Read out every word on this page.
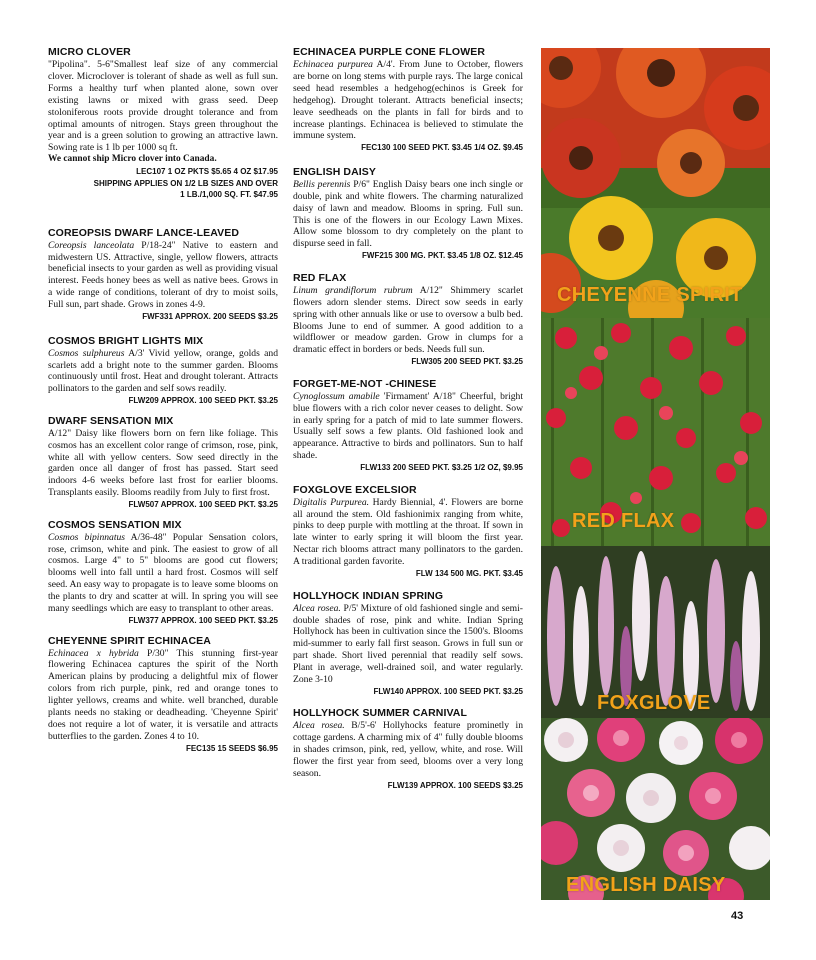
MICRO CLOVER

"Pipolina". 5-6"Smallest leaf size of any commercial clover. Microclover is tolerant of shade as well as full sun. Forms a healthy turf when planted alone, sown over existing lawns or mixed with grass seed. Deep stoloniferous roots provide drought tolerance and from optimal amounts of nitrogen. Stays green throughout the year and is a green solution to growing an attractive lawn. Sowing rate is 1 lb per 1000 sq ft.

We cannot ship Micro clover into Canada.

LEC107 1 OZ PKTS $5.65 4 OZ $17.95
SHIPPING APPLIES ON 1/2 LB SIZES AND OVER
1 LB./1,000 SQ. FT. $47.95
COREOPSIS DWARF LANCE-LEAVED

Coreopsis lanceolata P/18-24" Native to eastern and midwestern US. Attractive, single, yellow flowers, attracts beneficial insects to your garden as well as providing visual interest. Feeds honey bees as well as native bees. Grows in a wide range of conditions, tolerant of dry to moist soils, Full sun, part shade. Grows in zones 4-9.

FWF331 APPROX. 200 SEEDS $3.25
COSMOS BRIGHT LIGHTS MIX

Cosmos sulphureus A/3' Vivid yellow, orange, golds and scarlets add a bright note to the summer garden. Blooms continuously until frost. Heat and drought tolerant. Attracts pollinators to the garden and self sows readily.

FLW209 APPROX. 100 SEED PKT. $3.25
DWARF SENSATION MIX

A/12" Daisy like flowers born on fern like foliage. This cosmos has an excellent color range of crimson, rose, pink, white all with yellow centers. Sow seed directly in the garden once all danger of frost has passed. Start seed indoors 4-6 weeks before last frost for earlier blooms. Transplants easily. Blooms readily from July to first frost.

FLW507 APPROX. 100 SEED PKT. $3.25
COSMOS SENSATION MIX

Cosmos bipinnatus A/36-48" Popular Sensation colors, rose, crimson, white and pink. The easiest to grow of all cosmos. Large 4" to 5" blooms are good cut flowers; blooms well into fall until a hard frost. Cosmos will self seed. An easy way to propagate is to leave some blooms on the plants to dry and scatter at will. In spring you will see many seedlings which are easy to transplant to other areas.

FLW377 APPROX. 100 SEED PKT. $3.25
CHEYENNE SPIRIT ECHINACEA

Echinacea x hybrida P/30" This stunning first-year flowering Echinacea captures the spirit of the North American plains by producing a delightful mix of flower colors from rich purple, pink, red and orange tones to lighter yellows, creams and white. well branched, durable plants needs no staking or deadheading. 'Cheyenne Spirit' does not require a lot of water, it is versatile and attracts butterflies to the garden. Zones 4 to 10.

FEC135 15 SEEDS $6.95
ECHINACEA PURPLE CONE FLOWER

Echinacea purpurea A/4'. From June to October, flowers are borne on long stems with purple rays. The large conical seed head resembles a hedgehog(echinos is Greek for hedgehog). Drought tolerant. Attracts beneficial insects; leave seedheads on the plants in fall for birds and to increase plantings. Echinacea is believed to stimulate the immune system.

FEC130 100 SEED PKT. $3.45 1/4 OZ. $9.45
ENGLISH DAISY

Bellis perennis P/6" English Daisy bears one inch single or double, pink and white flowers. The charming naturalized daisy of lawn and meadow. Blooms in spring. Full sun. This is one of the flowers in our Ecology Lawn Mixes. Allow some blossom to dry completely on the plant to dispurse seed in fall.

FWF215 300 MG. PKT. $3.45 1/8 OZ. $12.45
RED FLAX

Linum grandiflorum rubrum A/12" Shimmery scarlet flowers adorn slender stems. Direct sow seeds in early spring with other annuals like or use to oversow a bulb bed. Blooms June to end of summer. A good addition to a wildflower or meadow garden. Grow in clumps for a dramatic effect in borders or beds. Needs full sun.

FLW305 200 SEED PKT. $3.25
FORGET-ME-NOT -CHINESE

Cynoglossum amabile 'Firmament' A/18" Cheerful, bright blue flowers with a rich color never ceases to delight. Sow in early spring for a patch of mid to late summer flowers. Usually self sows a few plants. Old fashioned look and appearance. Attractive to birds and pollinators. Sun to half shade.

FLW133 200 SEED PKT. $3.25 1/2 OZ, $9.95
FOXGLOVE EXCELSIOR

Digitalis Purpurea. Hardy Biennial, 4'. Flowers are borne all around the stem. Old fashionimix ranging from white, pinks to deep purple with mottling at the throat. If sown in late winter to early spring it will bloom the first year. Nectar rich blooms attract many pollinators to the garden. A traditional garden favorite.

FLW 134 500 MG. PKT. $3.45
HOLLYHOCK INDIAN SPRING

Alcea rosea. P/5' Mixture of old fashioned single and semi-double shades of rose, pink and white. Indian Spring Hollyhock has been in cultivation since the 1500's. Blooms mid-summer to early fall first season. Grows in full sun or part shade. Short lived perennial that readily self sows. Plant in average, well-drained soil, and water regularly. Zone 3-10

FLW140 APPROX. 100 SEED PKT. $3.25
HOLLYHOCK SUMMER CARNIVAL

Alcea rosea. B/5'-6' Hollyhocks feature prominetly in cottage gardens. A charming mix of 4" fully double blooms in shades crimson, pink, red, yellow, white, and rose. Will flower the first year from seed, blooms over a very long season.

FLW139 APPROX. 100 SEEDS $3.25
CHEYENNE SPIRIT
RED FLAX
FOXGLOVE
ENGLISH DAISY
43
